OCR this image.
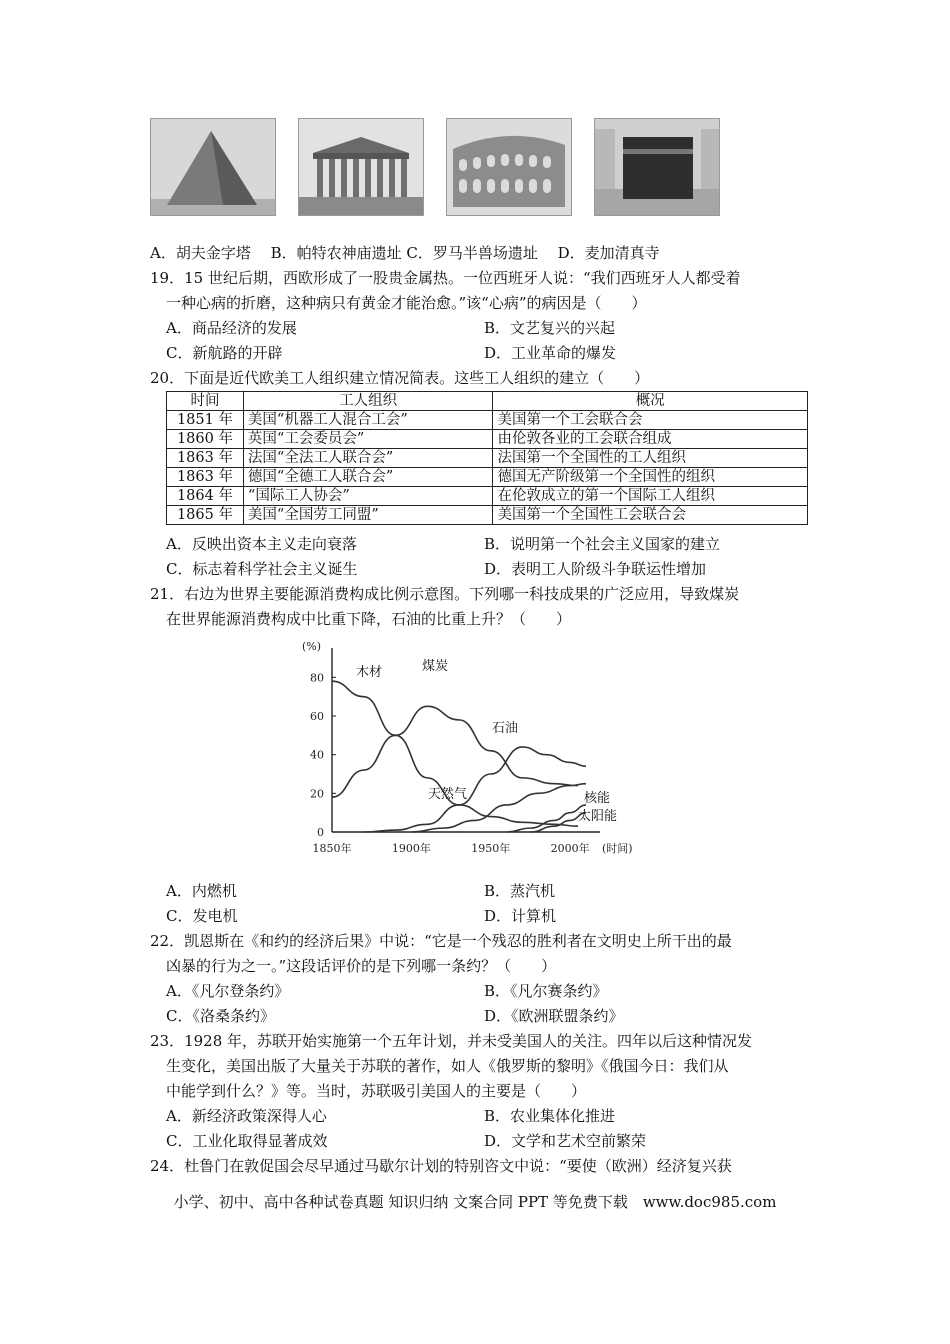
A．胡夫金字塔　 B．帕特农神庙遗址 C．罗马半兽场遗址　 D．麦加清真寺
19．15 世纪后期，西欧形成了一股贵金属热。一位西班牙人说：“我们西班牙人人都受着
一种心病的折磨，这种病只有黄金才能治愈。”该“心病”的病因是（　　）
A．商品经济的发展	B．文艺复兴的兴起
C．新航路的开辟	D．工业革命的爆发
20．下面是近代欧美工人组织建立情况简表。这些工人组织的建立（　　）
时间	工人组织	概况
1851 年	美国“机器工人混合工会”	美国第一个工会联合会
1860 年	英国“工会委员会”	由伦敦各业的工会联合组成
1863 年	法国“全法工人联合会”	法国第一个全国性的工人组织
1863 年	德国“全德工人联合会”	德国无产阶级第一个全国性的组织
1864 年	“国际工人协会”	在伦敦成立的第一个国际工人组织
1865 年	美国“全国劳工同盟”	美国第一个全国性工会联合会
A．反映出资本主义走向衰落	B．说明第一个社会主义国家的建立
C．标志着科学社会主义诞生	D．表明工人阶级斗争联运性增加
21．右边为世界主要能源消费构成比例示意图。下列哪一科技成果的广泛应用，导致煤炭
在世界能源消费构成中比重下降，石油的比重上升？（　　）
(%)
(时间)
0
20
40
60
80
1850年	1900年	1950年	2000年
木材	煤炭
石油
天然气	核能
太阳能
A．内燃机	B．蒸汽机
C．发电机	D．计算机
22．凯恩斯在《和约的经济后果》中说：“它是一个残忍的胜利者在文明史上所干出的最
凶暴的行为之一。”这段话评价的是下列哪一条约？（　　）
A．《凡尔登条约》	B．《凡尔赛条约》
C．《洛桑条约》	D．《欧洲联盟条约》
23．1928 年，苏联开始实施第一个五年计划，并未受美国人的关注。四年以后这种情况发
生变化，美国出版了大量关于苏联的著作，如人《俄罗斯的黎明》《俄国今日：我们从
中能学到什么？》等。当时，苏联吸引美国人的主要是（　　）
A．新经济政策深得人心	B．农业集体化推进
C．工业化取得显著成效	D．文学和艺术空前繁荣
24．杜鲁门在敦促国会尽早通过马歇尔计划的特别咨文中说：“要使（欧洲）经济复兴获
小学、初中、高中各种试卷真题 知识归纳 文案合同 PPT 等免费下载　www.doc985.com
